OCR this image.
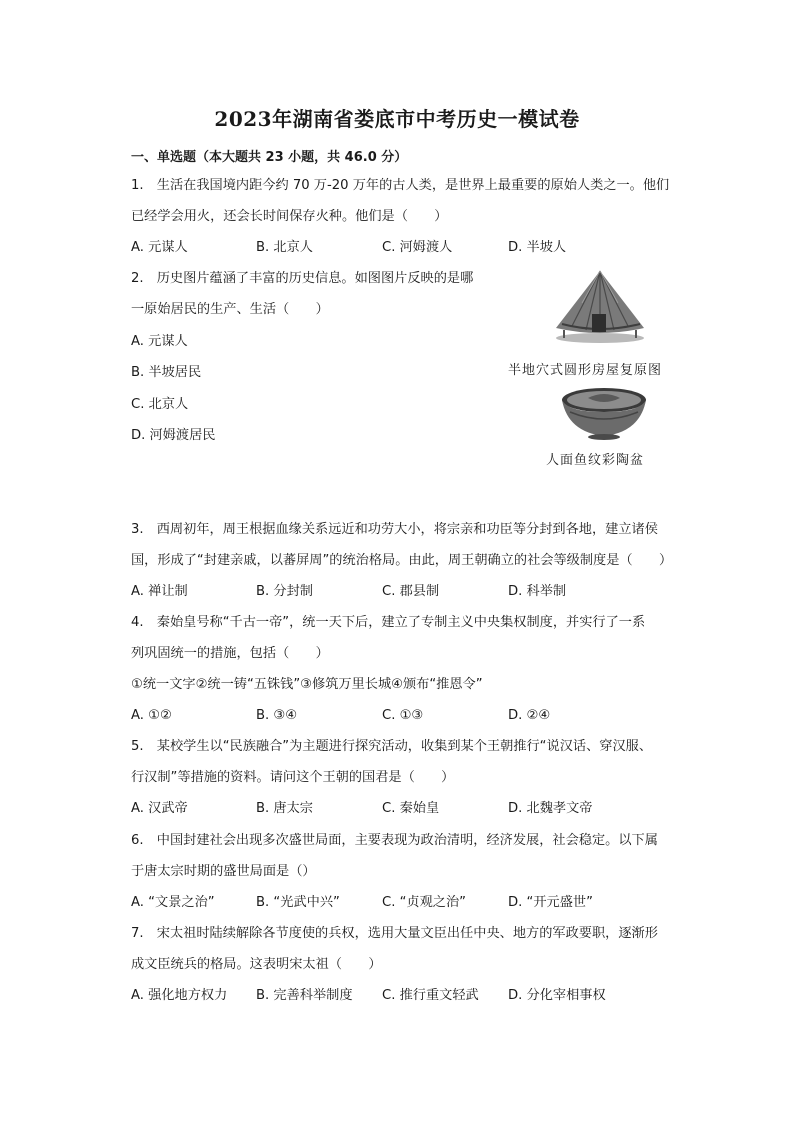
2023年湖南省娄底市中考历史一模试卷
一、单选题（本大题共 23 小题，共 46.0 分）
1.　生活在我国境内距今约 70 万-20 万年的古人类，是世界上最重要的原始人类之一。他们
已经学会用火，还会长时间保存火种。他们是（　　）
A. 元谋人	B. 北京人	C. 河姆渡人	D. 半坡人
2.　历史图片蕴涵了丰富的历史信息。如图图片反映的是哪
一原始居民的生产、生活（　　）
A. 元谋人
B. 半坡居民
C. 北京人
D. 河姆渡居民
半地穴式圆形房屋复原图
人面鱼纹彩陶盆
3.　西周初年，周王根据血缘关系远近和功劳大小，将宗亲和功臣等分封到各地，建立诸侯
国，形成了“封建亲戚，以蕃屏周”的统治格局。由此，周王朝确立的社会等级制度是（　　）
A. 禅让制	B. 分封制	C. 郡县制	D. 科举制
4.　秦始皇号称“千古一帝”，统一天下后，建立了专制主义中央集权制度，并实行了一系
列巩固统一的措施，包括（　　）
①统一文字②统一铸“五铢钱”③修筑万里长城④颁布“推恩令”
A. ①②	B. ③④	C. ①③	D. ②④
5.　某校学生以“民族融合”为主题进行探究活动，收集到某个王朝推行“说汉话、穿汉服、
行汉制”等措施的资料。请问这个王朝的国君是（　　）
A. 汉武帝	B. 唐太宗	C. 秦始皇	D. 北魏孝文帝
6.　中国封建社会出现多次盛世局面，主要表现为政治清明，经济发展，社会稳定。以下属
于唐太宗时期的盛世局面是（）
A. “文景之治”	B. “光武中兴”	C. “贞观之治”	D. “开元盛世”
7.　宋太祖时陆续解除各节度使的兵权，选用大量文臣出任中央、地方的军政要职，逐渐形
成文臣统兵的格局。这表明宋太祖（　　）
A. 强化地方权力 B. 完善科举制度 C. 推行重文轻武 D. 分化宰相事权
